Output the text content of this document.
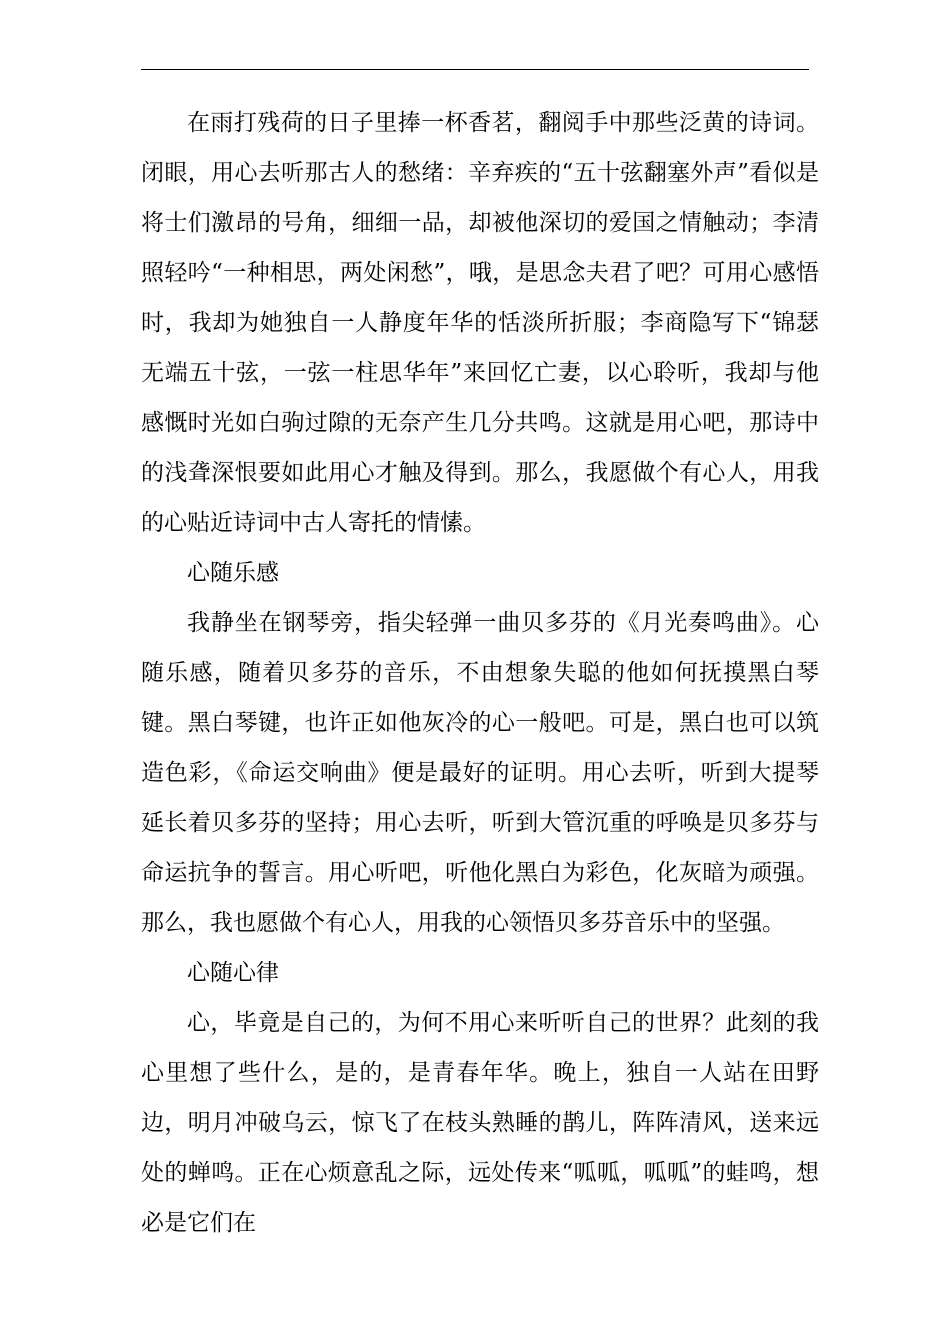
在雨打残荷的日子里捧一杯香茗，翻阅手中那些泛黄的诗词。闭眼，用心去听那古人的愁绪：辛弃疾的“五十弦翻塞外声”看似是将士们激昂的号角，细细一品，却被他深切的爱国之情触动；李清照轻吟“一种相思，两处闲愁”，哦，是思念夫君了吧？可用心感悟时，我却为她独自一人静度年华的恬淡所折服；李商隐写下“锦瑟无端五十弦，一弦一柱思华年”来回忆亡妻，以心聆听，我却与他感慨时光如白驹过隙的无奈产生几分共鸣。这就是用心吧，那诗中的浅聋深恨要如此用心才触及得到。那么，我愿做个有心人，用我的心贴近诗词中古人寄托的情愫。

心随乐感

我静坐在钢琴旁，指尖轻弹一曲贝多芬的《月光奏鸣曲》。心随乐感，随着贝多芬的音乐，不由想象失聪的他如何抚摸黑白琴键。黑白琴键，也许正如他灰冷的心一般吧。可是，黑白也可以筑造色彩，《命运交响曲》便是最好的证明。用心去听，听到大提琴延长着贝多芬的坚持；用心去听，听到大管沉重的呼唤是贝多芬与命运抗争的誓言。用心听吧，听他化黑白为彩色，化灰暗为顽强。那么，我也愿做个有心人，用我的心领悟贝多芬音乐中的坚强。

心随心律

心，毕竟是自己的，为何不用心来听听自己的世界？此刻的我心里想了些什么，是的，是青春年华。晚上，独自一人站在田野边，明月冲破乌云，惊飞了在枝头熟睡的鹊儿，阵阵清风，送来远处的蝉鸣。正在心烦意乱之际，远处传来“呱呱，呱呱”的蛙鸣，想必是它们在
